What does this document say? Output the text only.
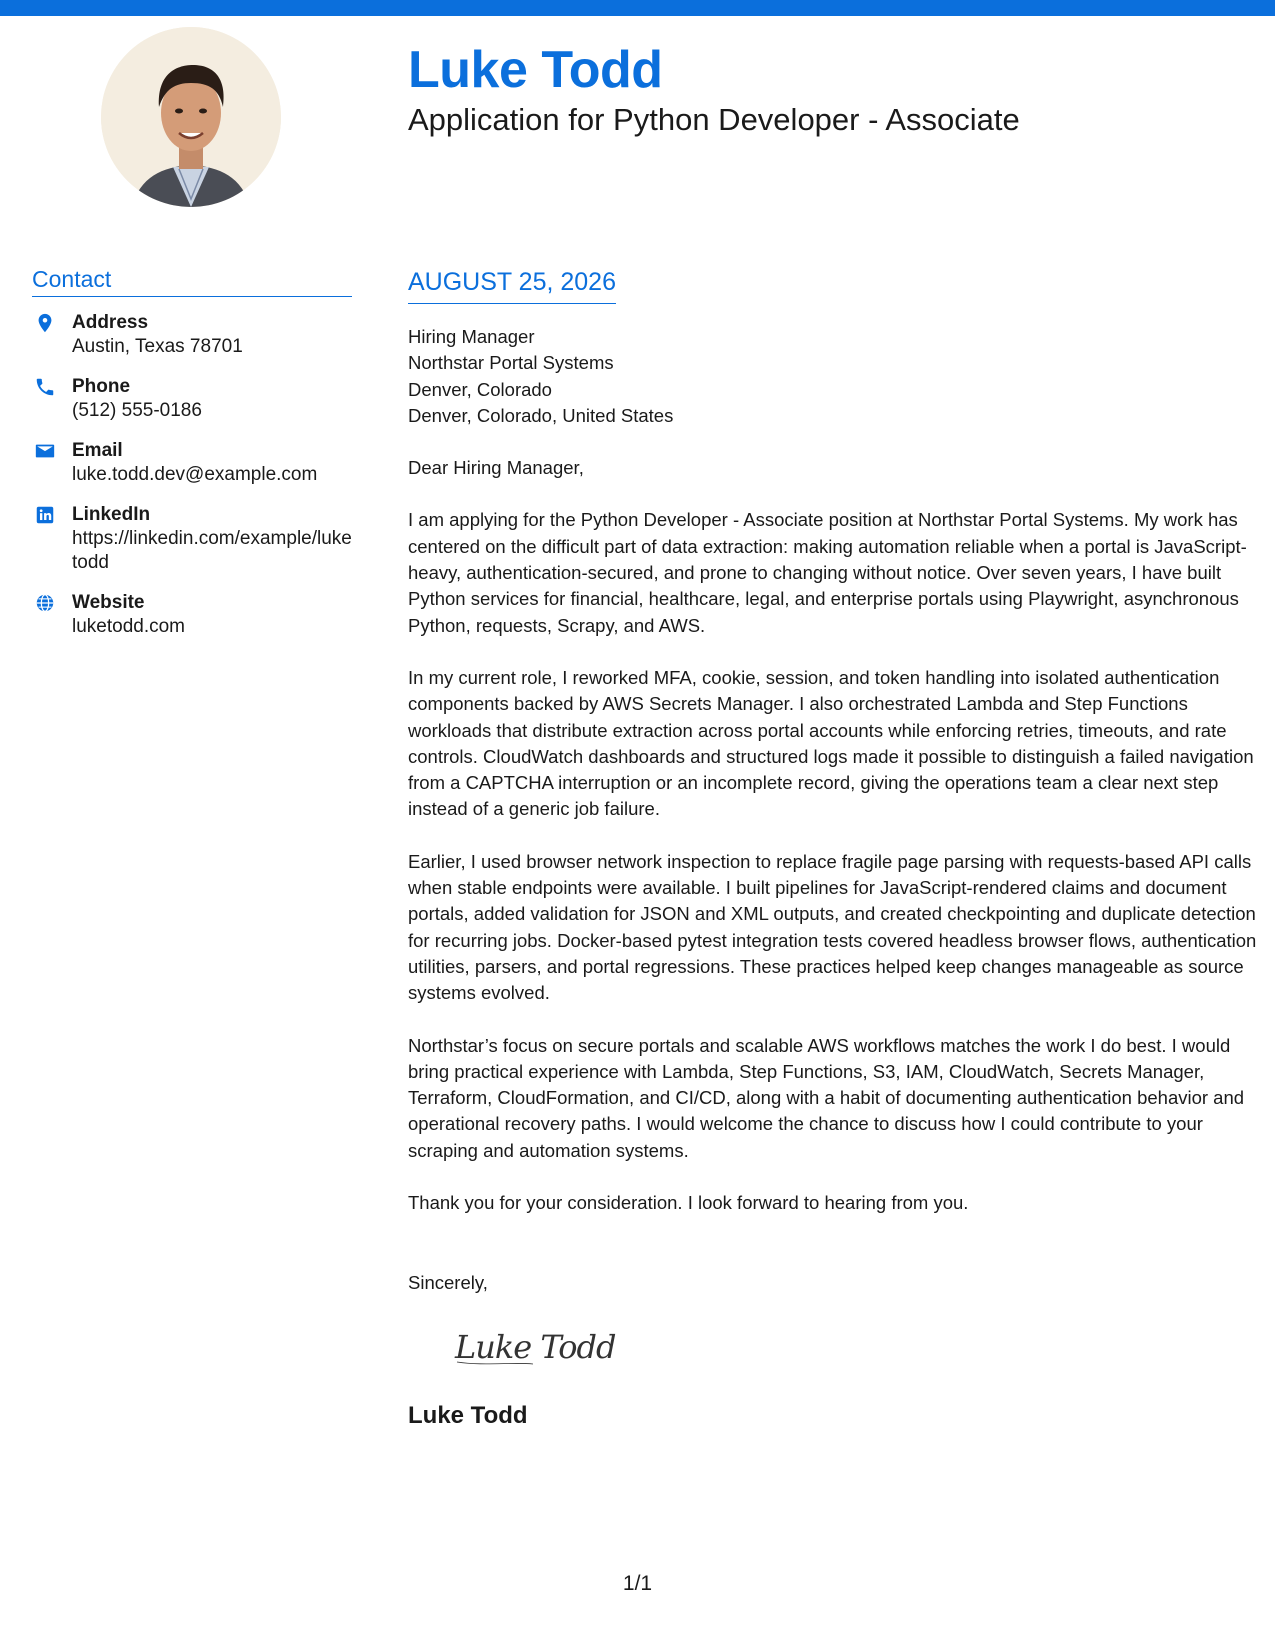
Luke Todd
Application for Python Developer - Associate
Contact
Address
Austin, Texas 78701
Phone
(512) 555-0186
Email
luke.todd.dev@example.com
LinkedIn
https://linkedin.com/example/luketodd
Website
luketodd.com
AUGUST 25, 2026
Hiring Manager
Northstar Portal Systems
Denver, Colorado
Denver, Colorado, United States
Dear Hiring Manager,
I am applying for the Python Developer - Associate position at Northstar Portal Systems. My work has centered on the difficult part of data extraction: making automation reliable when a portal is JavaScript-heavy, authentication-secured, and prone to changing without notice. Over seven years, I have built Python services for financial, healthcare, legal, and enterprise portals using Playwright, asynchronous Python, requests, Scrapy, and AWS.
In my current role, I reworked MFA, cookie, session, and token handling into isolated authentication components backed by AWS Secrets Manager. I also orchestrated Lambda and Step Functions workloads that distribute extraction across portal accounts while enforcing retries, timeouts, and rate controls. CloudWatch dashboards and structured logs made it possible to distinguish a failed navigation from a CAPTCHA interruption or an incomplete record, giving the operations team a clear next step instead of a generic job failure.
Earlier, I used browser network inspection to replace fragile page parsing with requests-based API calls when stable endpoints were available. I built pipelines for JavaScript-rendered claims and document portals, added validation for JSON and XML outputs, and created checkpointing and duplicate detection for recurring jobs. Docker-based pytest integration tests covered headless browser flows, authentication utilities, parsers, and portal regressions. These practices helped keep changes manageable as source systems evolved.
Northstar’s focus on secure portals and scalable AWS workflows matches the work I do best. I would bring practical experience with Lambda, Step Functions, S3, IAM, CloudWatch, Secrets Manager, Terraform, CloudFormation, and CI/CD, along with a habit of documenting authentication behavior and operational recovery paths. I would welcome the chance to discuss how I could contribute to your scraping and automation systems.
Thank you for your consideration. I look forward to hearing from you.
Sincerely,
Luke Todd
Luke Todd
1/1
